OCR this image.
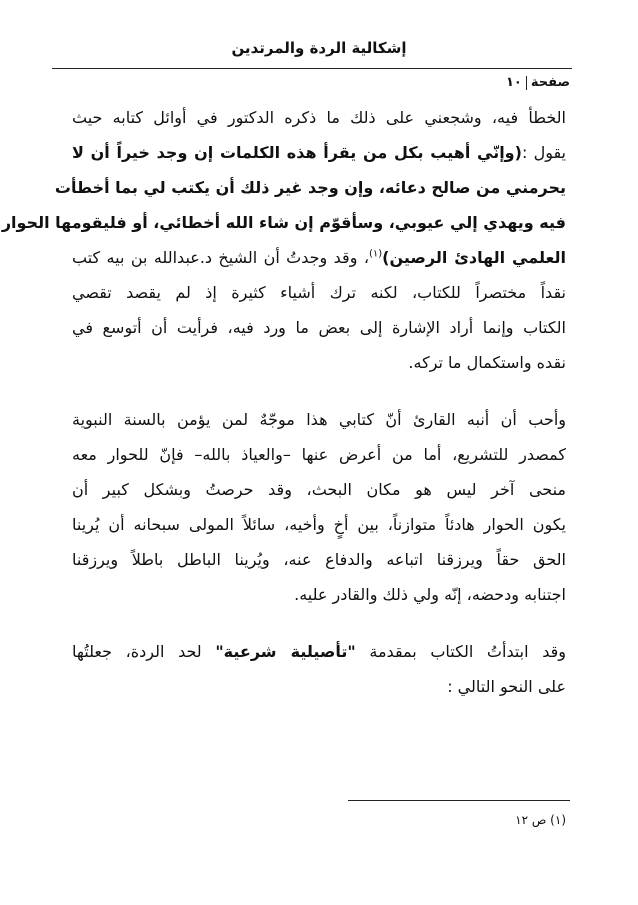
إشكالية الردة والمرتدين
صفحة١٠
الخطأ فيه، وشجعني على ذلك ما ذكره الدكتور في أوائل كتابه حيث
يقول :(وإنّي أهيب بكل من يقرأ هذه الكلمات إن وجد خيراً أن لا
يحرمني من صالح دعائه، وإن وجد غير ذلك أن يكتب لي بما أخطأت
فيه ويهدي إلي عيوبي، وسأقوّم إن شاء الله أخطائي، أو فليقومها الحوار
العلمي الهادئ الرصين)$^{(١)}$، وقد وجدتُ أن الشيخ د.عبدالله بن بيه كتب
نقداً مختصراً للكتاب، لكنه ترك أشياء كثيرة إذ لم يقصد تقصي
الكتاب وإنما أراد الإشارة إلى بعض ما ورد فيه، فرأيت أن أتوسع في
نقده واستكمال ما تركه.
وأحب أن أنبه القارئ أنّ كتابي هذا موجّهٌ لمن يؤمن بالسنة النبوية
كمصدر للتشريع، أما من أعرض عنها –والعياذ بالله– فإنّ للحوار معه
منحى آخر ليس هو مكان البحث، وقد حرصتُ وبشكل كبير أن
يكون الحوار هادئاً متوازناً، بين أخٍ وأخيه، سائلاً المولى سبحانه أن يُرينا
الحق حقاً ويرزقنا اتباعه والدفاع عنه، ويُرينا الباطل باطلاً ويرزقنا
اجتنابه ودحضه، إنّه ولي ذلك والقادر عليه.
وقد ابتدأتُ الكتاب بمقدمة "تأصيلية شرعية" لحد الردة، جعلتُها
على النحو التالي :
(١) ص ١٢
